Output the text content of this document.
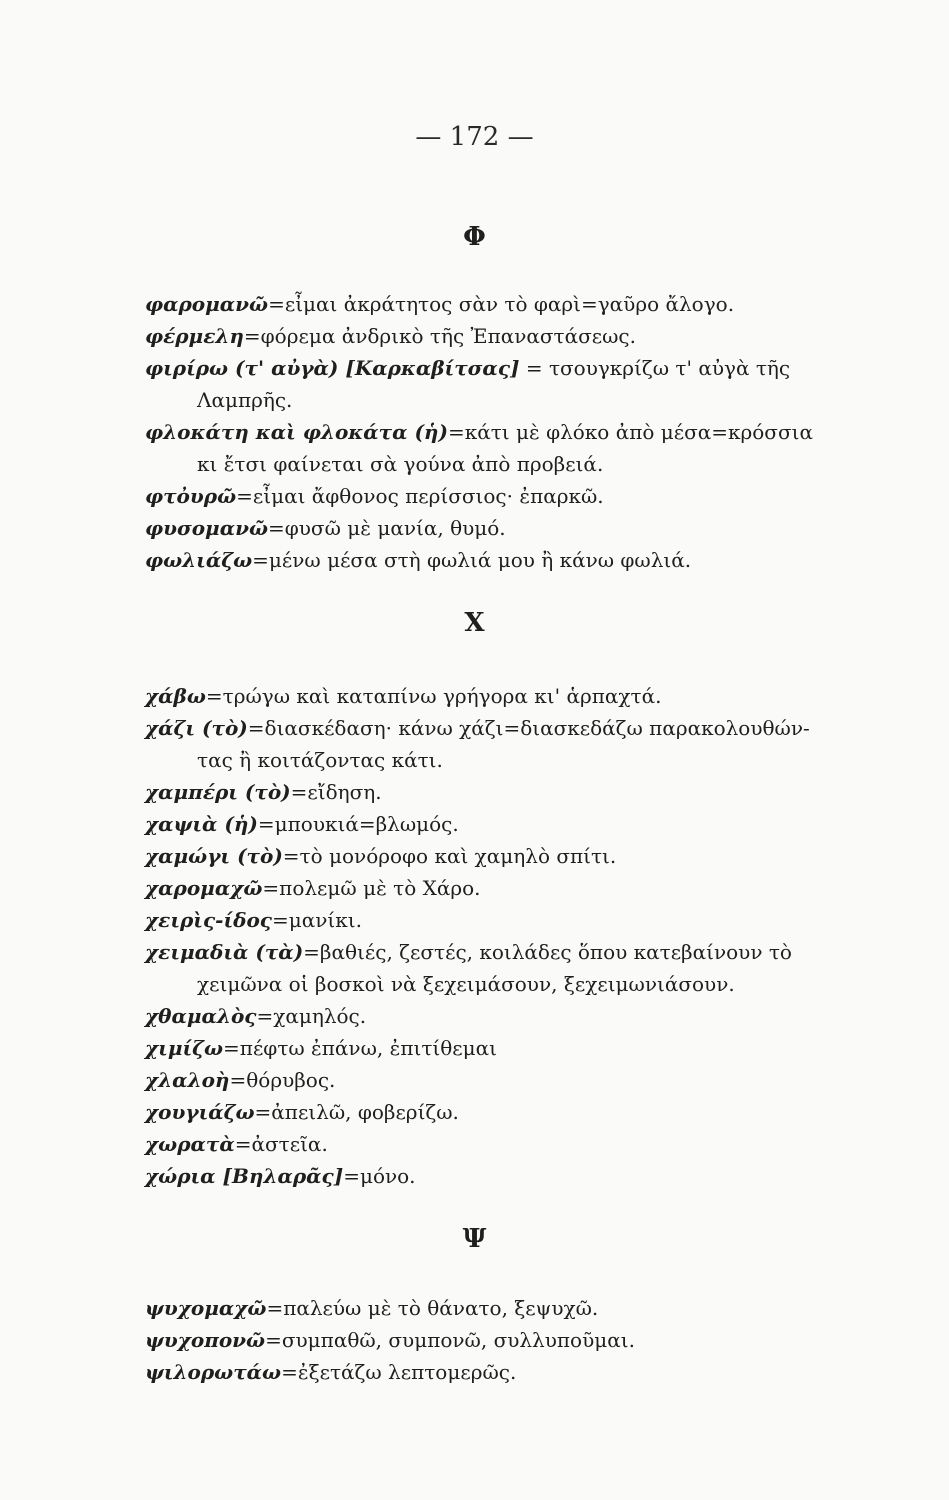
— 172 —
Φ
φαρομανῶ=εἶμαι ἀκράτητος σὰν τὸ φαρὶ=γαῦρο ἄλογο.
φέρμελη=φόρεμα ἀνδρικὸ τῆς Ἐπαναστάσεως.
φιρίρω (τ' αὐγὰ) [Καρκαβίτσας] = τσουγκρίζω τ' αὐγὰ τῆς
Λαμπρῆς.
φλοκάτη καὶ φλοκάτα (ἡ)=κάτι μὲ φλόκο ἀπὸ μέσα=κρόσσια
κι ἔτσι φαίνεται σὰ γούνα ἀπὸ προβειά.
φτὀυρῶ=εἶμαι ἄφθονος περίσσιος· ἐπαρκῶ.
φυσομανῶ=φυσῶ μὲ μανία, θυμό.
φωλιάζω=μένω μέσα στὴ φωλιά μου ἢ κάνω φωλιά.
Χ
χάβω=τρώγω καὶ καταπίνω γρήγορα κι' ἁρπαχτά.
χάζι (τὸ)=διασκέδαση· κάνω χάζι=διασκεδάζω παρακολουθών-
τας ἢ κοιτάζοντας κάτι.
χαμπέρι (τὸ)=εἴδηση.
χαψιὰ (ἡ)=μπουκιά=βλωμός.
χαμώγι (τὸ)=τὸ μονόροφο καὶ χαμηλὸ σπίτι.
χαρομαχῶ=πολεμῶ μὲ τὸ Χάρο.
χειρὶς-ίδος=μανίκι.
χειμαδιὰ (τὰ)=βαθιές, ζεστές, κοιλάδες ὅπου κατεβαίνουν τὸ
χειμῶνα οἱ βοσκοὶ νὰ ξεχειμάσουν, ξεχειμωνιάσουν.
χθαμαλὸς=χαμηλός.
χιμίζω=πέφτω ἐπάνω, ἐπιτίθεμαι
χλαλοὴ=θόρυβος.
χουγιάζω=ἀπειλῶ, φοβερίζω.
χωρατὰ=ἀστεῖα.
χώρια [Βηλαρᾶς]=μόνο.
Ψ
ψυχομαχῶ=παλεύω μὲ τὸ θάνατο, ξεψυχῶ.
ψυχοπονῶ=συμπαθῶ, συμπονῶ, συλλυποῦμαι.
ψιλορωτάω=ἐξετάζω λεπτομερῶς.
